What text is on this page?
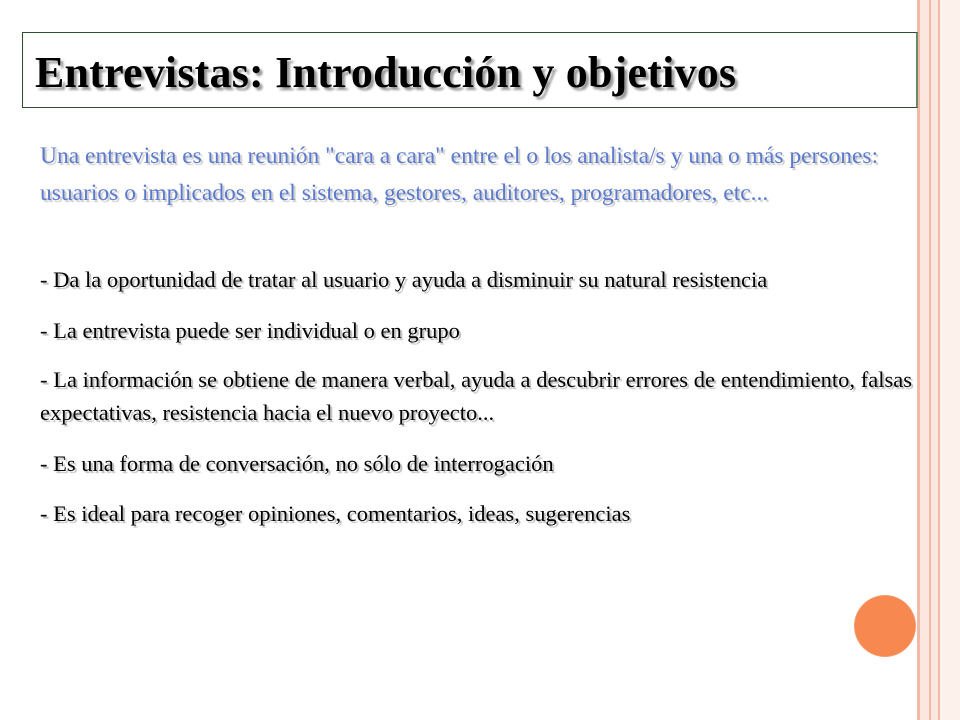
Entrevistas: Introducción y objetivos

Una entrevista es una reunión "cara a cara" entre el o los analista/s y una o más persones: usuarios o implicados en el sistema, gestores, auditores, programadores, etc...

- Da la oportunidad de tratar al usuario y ayuda a disminuir su natural resistencia
- La entrevista puede ser individual o en grupo
- La información se obtiene de manera verbal, ayuda a descubrir errores de entendimiento, falsas expectativas, resistencia hacia el nuevo proyecto...
- Es una forma de conversación, no sólo de interrogación
- Es ideal para recoger opiniones, comentarios, ideas, sugerencias
